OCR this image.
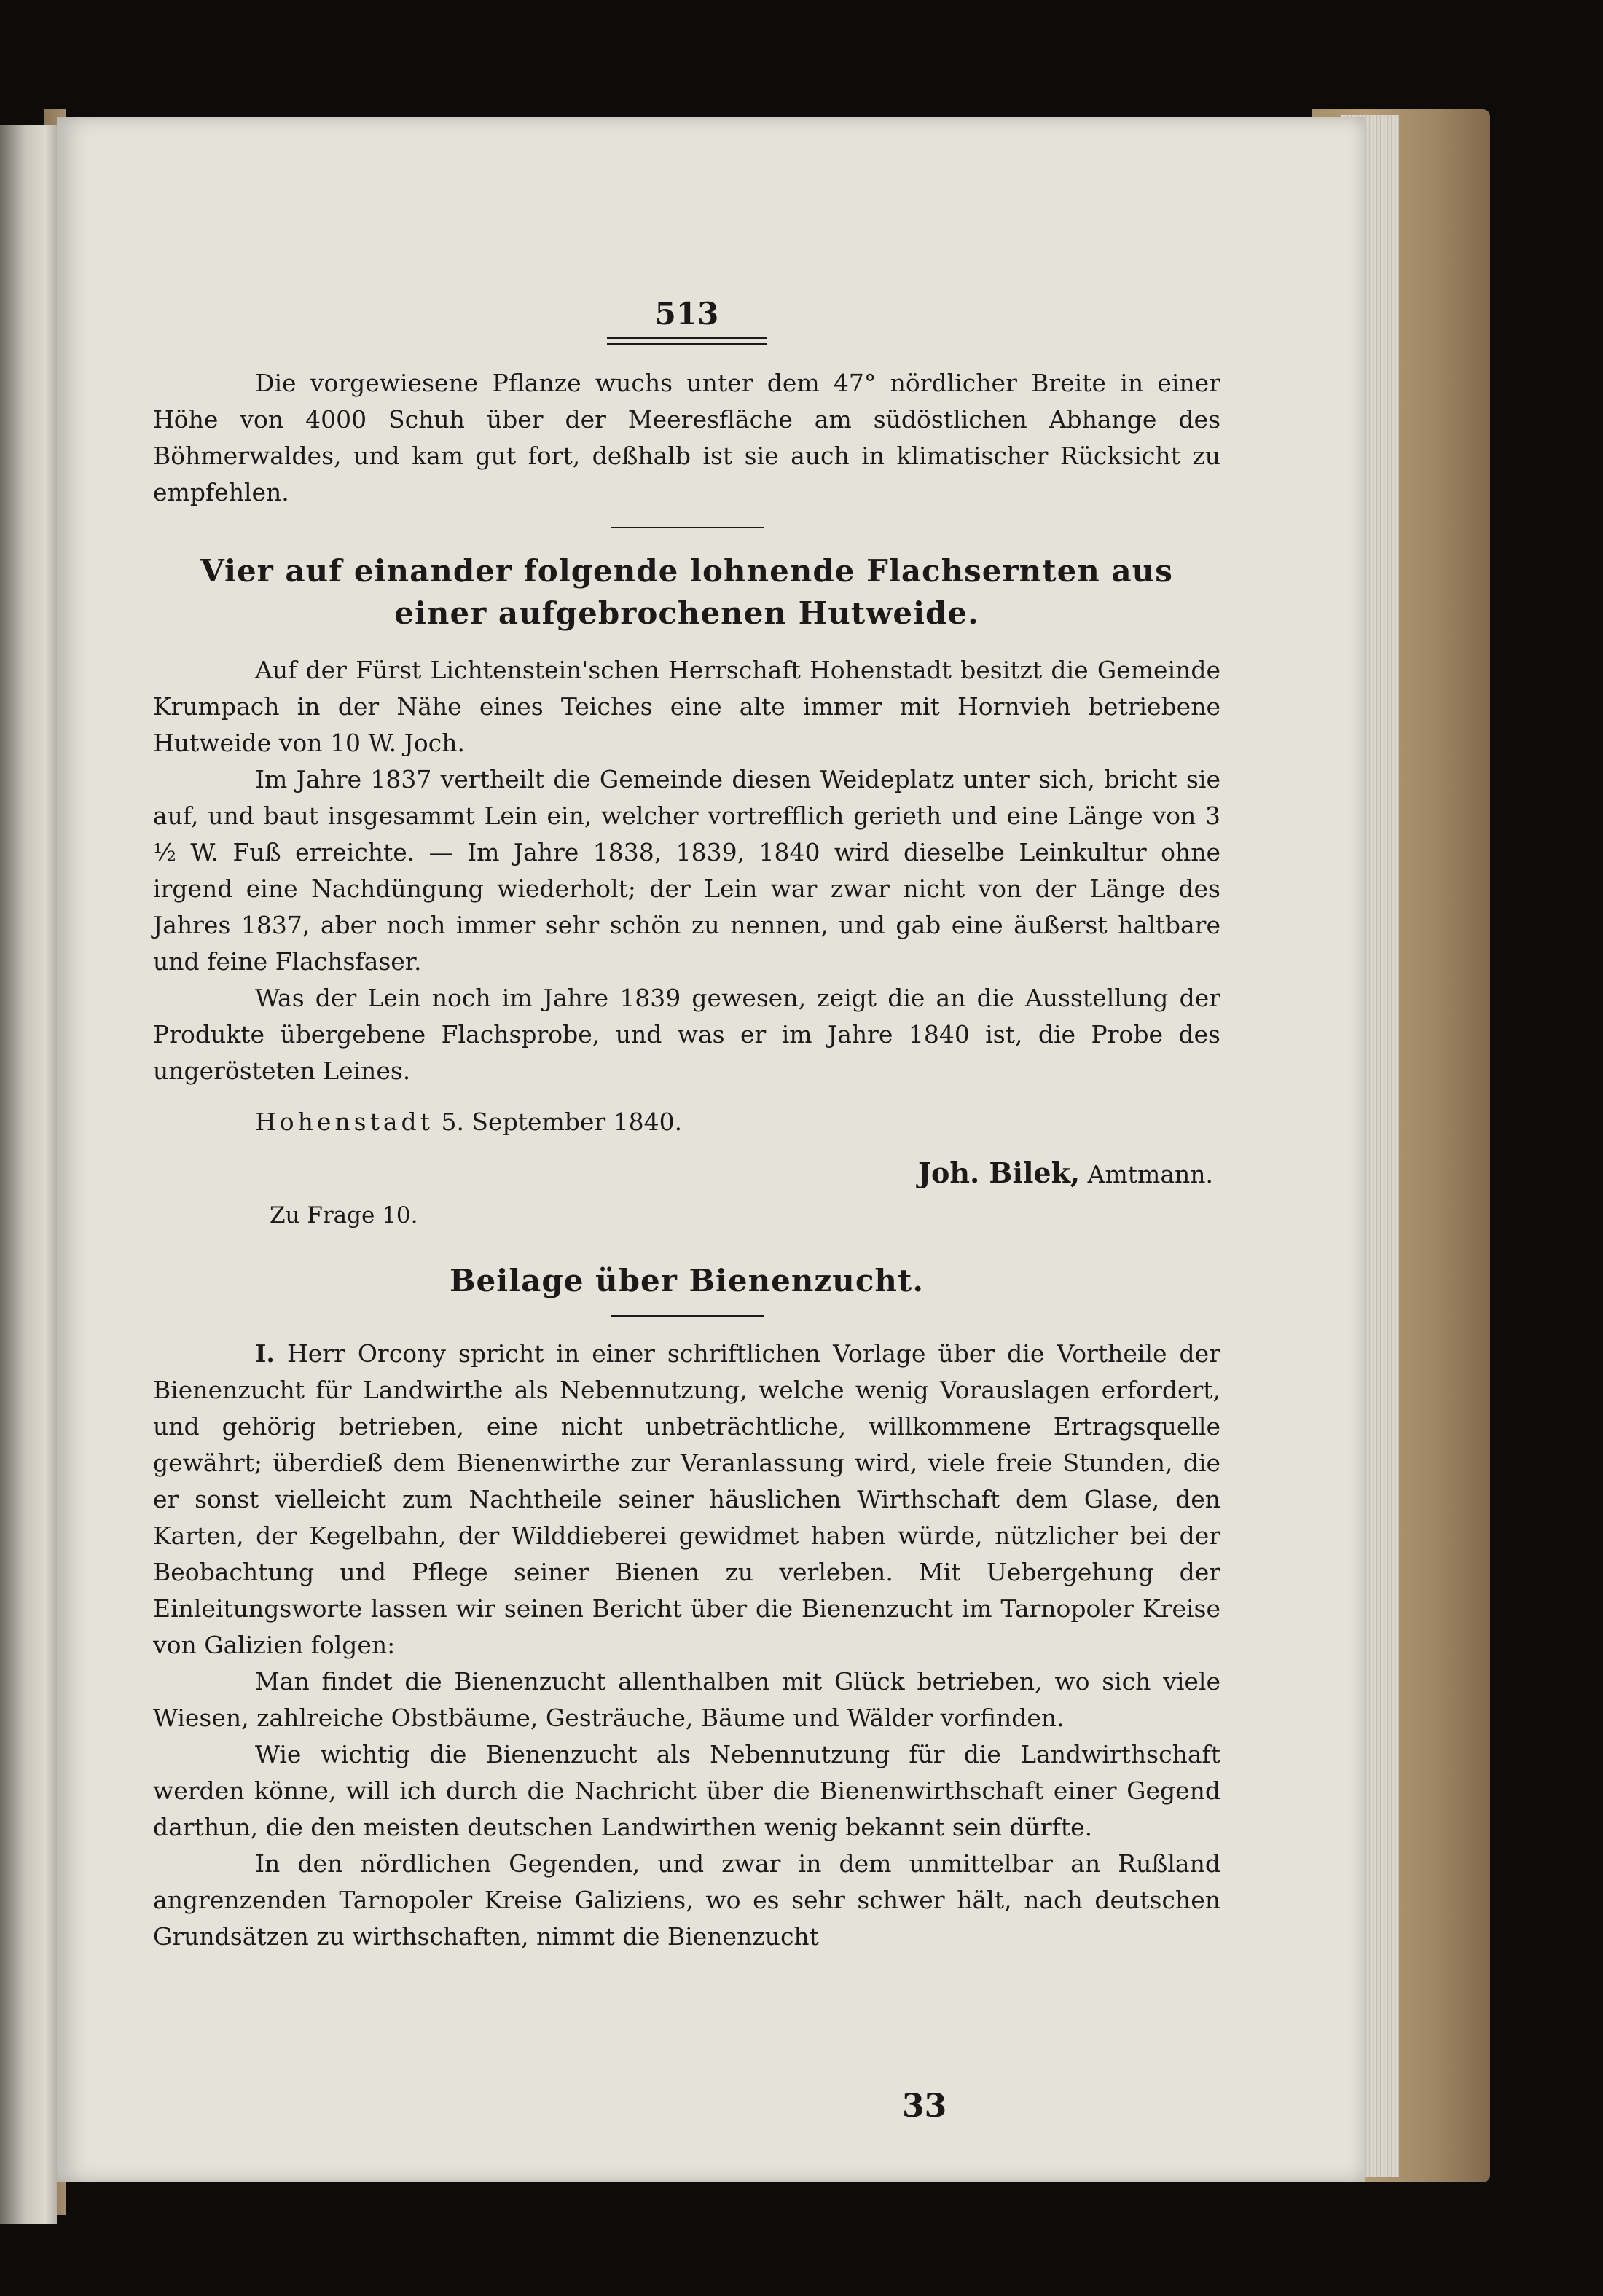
513

Die vorgewiesene Pflanze wuchs unter dem 47° nördlicher Breite in einer Höhe von 4000 Schuh über der Meeresfläche am südöstlichen Abhange des Böhmerwaldes, und kam gut fort, deßhalb ist sie auch in klimatischer Rücksicht zu empfehlen.

Vier auf einander folgende lohnende Flachsernten aus
einer aufgebrochenen Hutweide.

Auf der Fürst Lichtenstein'schen Herrschaft Hohenstadt besitzt die Gemeinde Krumpach in der Nähe eines Teiches eine alte immer mit Hornvieh betriebene Hutweide von 10 W. Joch.

Im Jahre 1837 vertheilt die Gemeinde diesen Weideplatz unter sich, bricht sie auf, und baut insgesammt Lein ein, welcher vortrefflich gerieth und eine Länge von 3 ½ W. Fuß erreichte. — Im Jahre 1838, 1839, 1840 wird dieselbe Leinkultur ohne irgend eine Nachdüngung wiederholt; der Lein war zwar nicht von der Länge des Jahres 1837, aber noch immer sehr schön zu nennen, und gab eine äußerst haltbare und feine Flachsfaser.

Was der Lein noch im Jahre 1839 gewesen, zeigt die an die Ausstellung der Produkte übergebene Flachsprobe, und was er im Jahre 1840 ist, die Probe des ungerösteten Leines.

Hohenstadt 5. September 1840.
Joh. Bilek, Amtmann.
Zu Frage 10.
Beilage über Bienenzucht.

I. Herr Orcony spricht in einer schriftlichen Vorlage über die Vortheile der Bienenzucht für Landwirthe als Nebennutzung, welche wenig Vorauslagen erfordert, und gehörig betrieben, eine nicht unbeträchtliche, willkommene Ertragsquelle gewährt; überdieß dem Bienenwirthe zur Veranlassung wird, viele freie Stunden, die er sonst vielleicht zum Nachtheile seiner häuslichen Wirthschaft dem Glase, den Karten, der Kegelbahn, der Wilddieberei gewidmet haben würde, nützlicher bei der Beobachtung und Pflege seiner Bienen zu verleben. Mit Uebergehung der Einleitungsworte lassen wir seinen Bericht über die Bienenzucht im Tarnopoler Kreise von Galizien folgen:

Man findet die Bienenzucht allenthalben mit Glück betrieben, wo sich viele Wiesen, zahlreiche Obstbäume, Gesträuche, Bäume und Wälder vorfinden.

Wie wichtig die Bienenzucht als Nebennutzung für die Landwirthschaft werden könne, will ich durch die Nachricht über die Bienenwirthschaft einer Gegend darthun, die den meisten deutschen Landwirthen wenig bekannt sein dürfte.

In den nördlichen Gegenden, und zwar in dem unmittelbar an Rußland angrenzenden Tarnopoler Kreise Galiziens, wo es sehr schwer hält, nach deutschen Grundsätzen zu wirthschaften, nimmt die Bienenzucht

33
